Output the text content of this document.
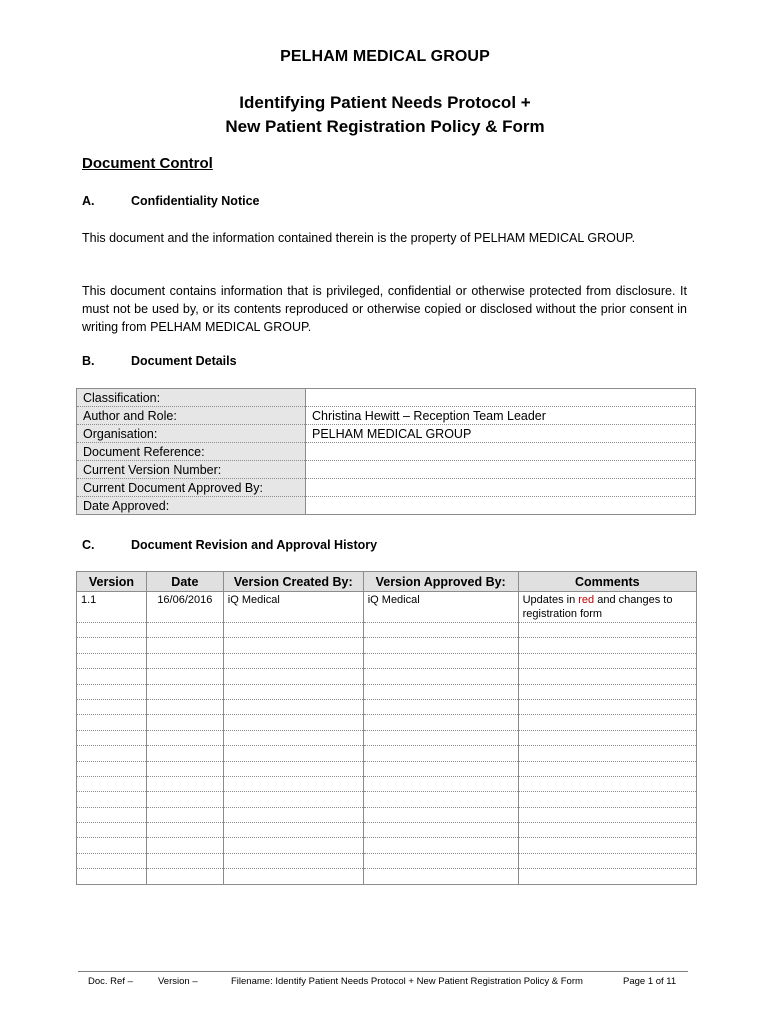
PELHAM MEDICAL GROUP
Identifying Patient Needs Protocol +
New Patient Registration Policy & Form
Document Control
A.	Confidentiality Notice

This document and the information contained therein is the property of PELHAM MEDICAL GROUP.

This document contains information that is privileged, confidential or otherwise protected from disclosure. It must not be used by, or its contents reproduced or otherwise copied or disclosed without the prior consent in writing from PELHAM MEDICAL GROUP.

B.	Document Details
Classification:	
Author and Role:	Christina Hewitt – Reception Team Leader
Organisation:	PELHAM MEDICAL GROUP
Document Reference:	
Current Version Number:	
Current Document Approved By:	
Date Approved:	
C.	Document Revision and Approval History
Version	Date	Version Created By:	Version Approved By:	Comments
1.1	16/06/2016	iQ Medical	iQ Medical	Updates in red and changes to registration form

Doc. Ref –	Version –	Filename: Identify Patient Needs Protocol + New Patient Registration Policy & Form	Page 1 of 11
